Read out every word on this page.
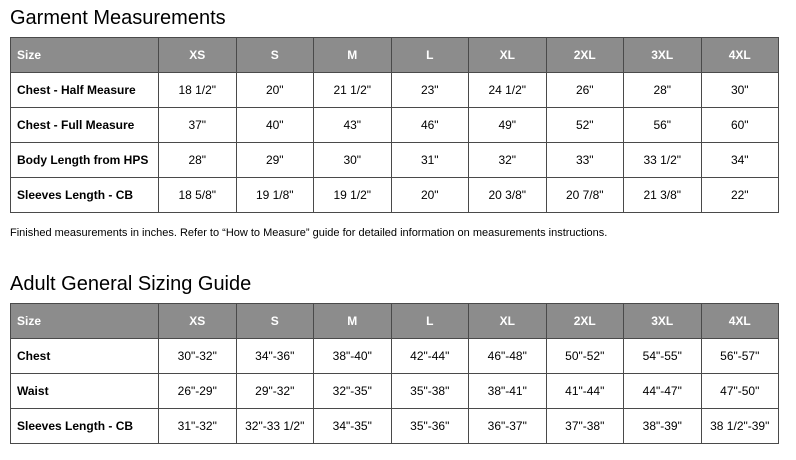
Garment Measurements
Size	XS	S	M	L	XL	2XL	3XL	4XL
Chest - Half Measure	18 1/2"	20"	21 1/2"	23"	24 1/2"	26"	28"	30"
Chest - Full Measure	37"	40"	43"	46"	49"	52"	56"	60"
Body Length from HPS	28"	29"	30"	31"	32"	33"	33 1/2"	34"
Sleeves Length - CB	18 5/8"	19 1/8"	19 1/2"	20"	20 3/8"	20 7/8"	21 3/8"	22"

Finished measurements in inches. Refer to “How to Measure” guide for detailed information on measurements instructions.

Adult General Sizing Guide
Size	XS	S	M	L	XL	2XL	3XL	4XL
Chest	30"-32"	34"-36"	38"-40"	42"-44"	46"-48"	50"-52"	54"-55"	56"-57"
Waist	26"-29"	29"-32"	32"-35"	35"-38"	38"-41"	41"-44"	44"-47"	47"-50"
Sleeves Length - CB	31"-32"	32"-33 1/2"	34"-35"	35"-36"	36"-37"	37"-38"	38"-39"	38 1/2"-39"
